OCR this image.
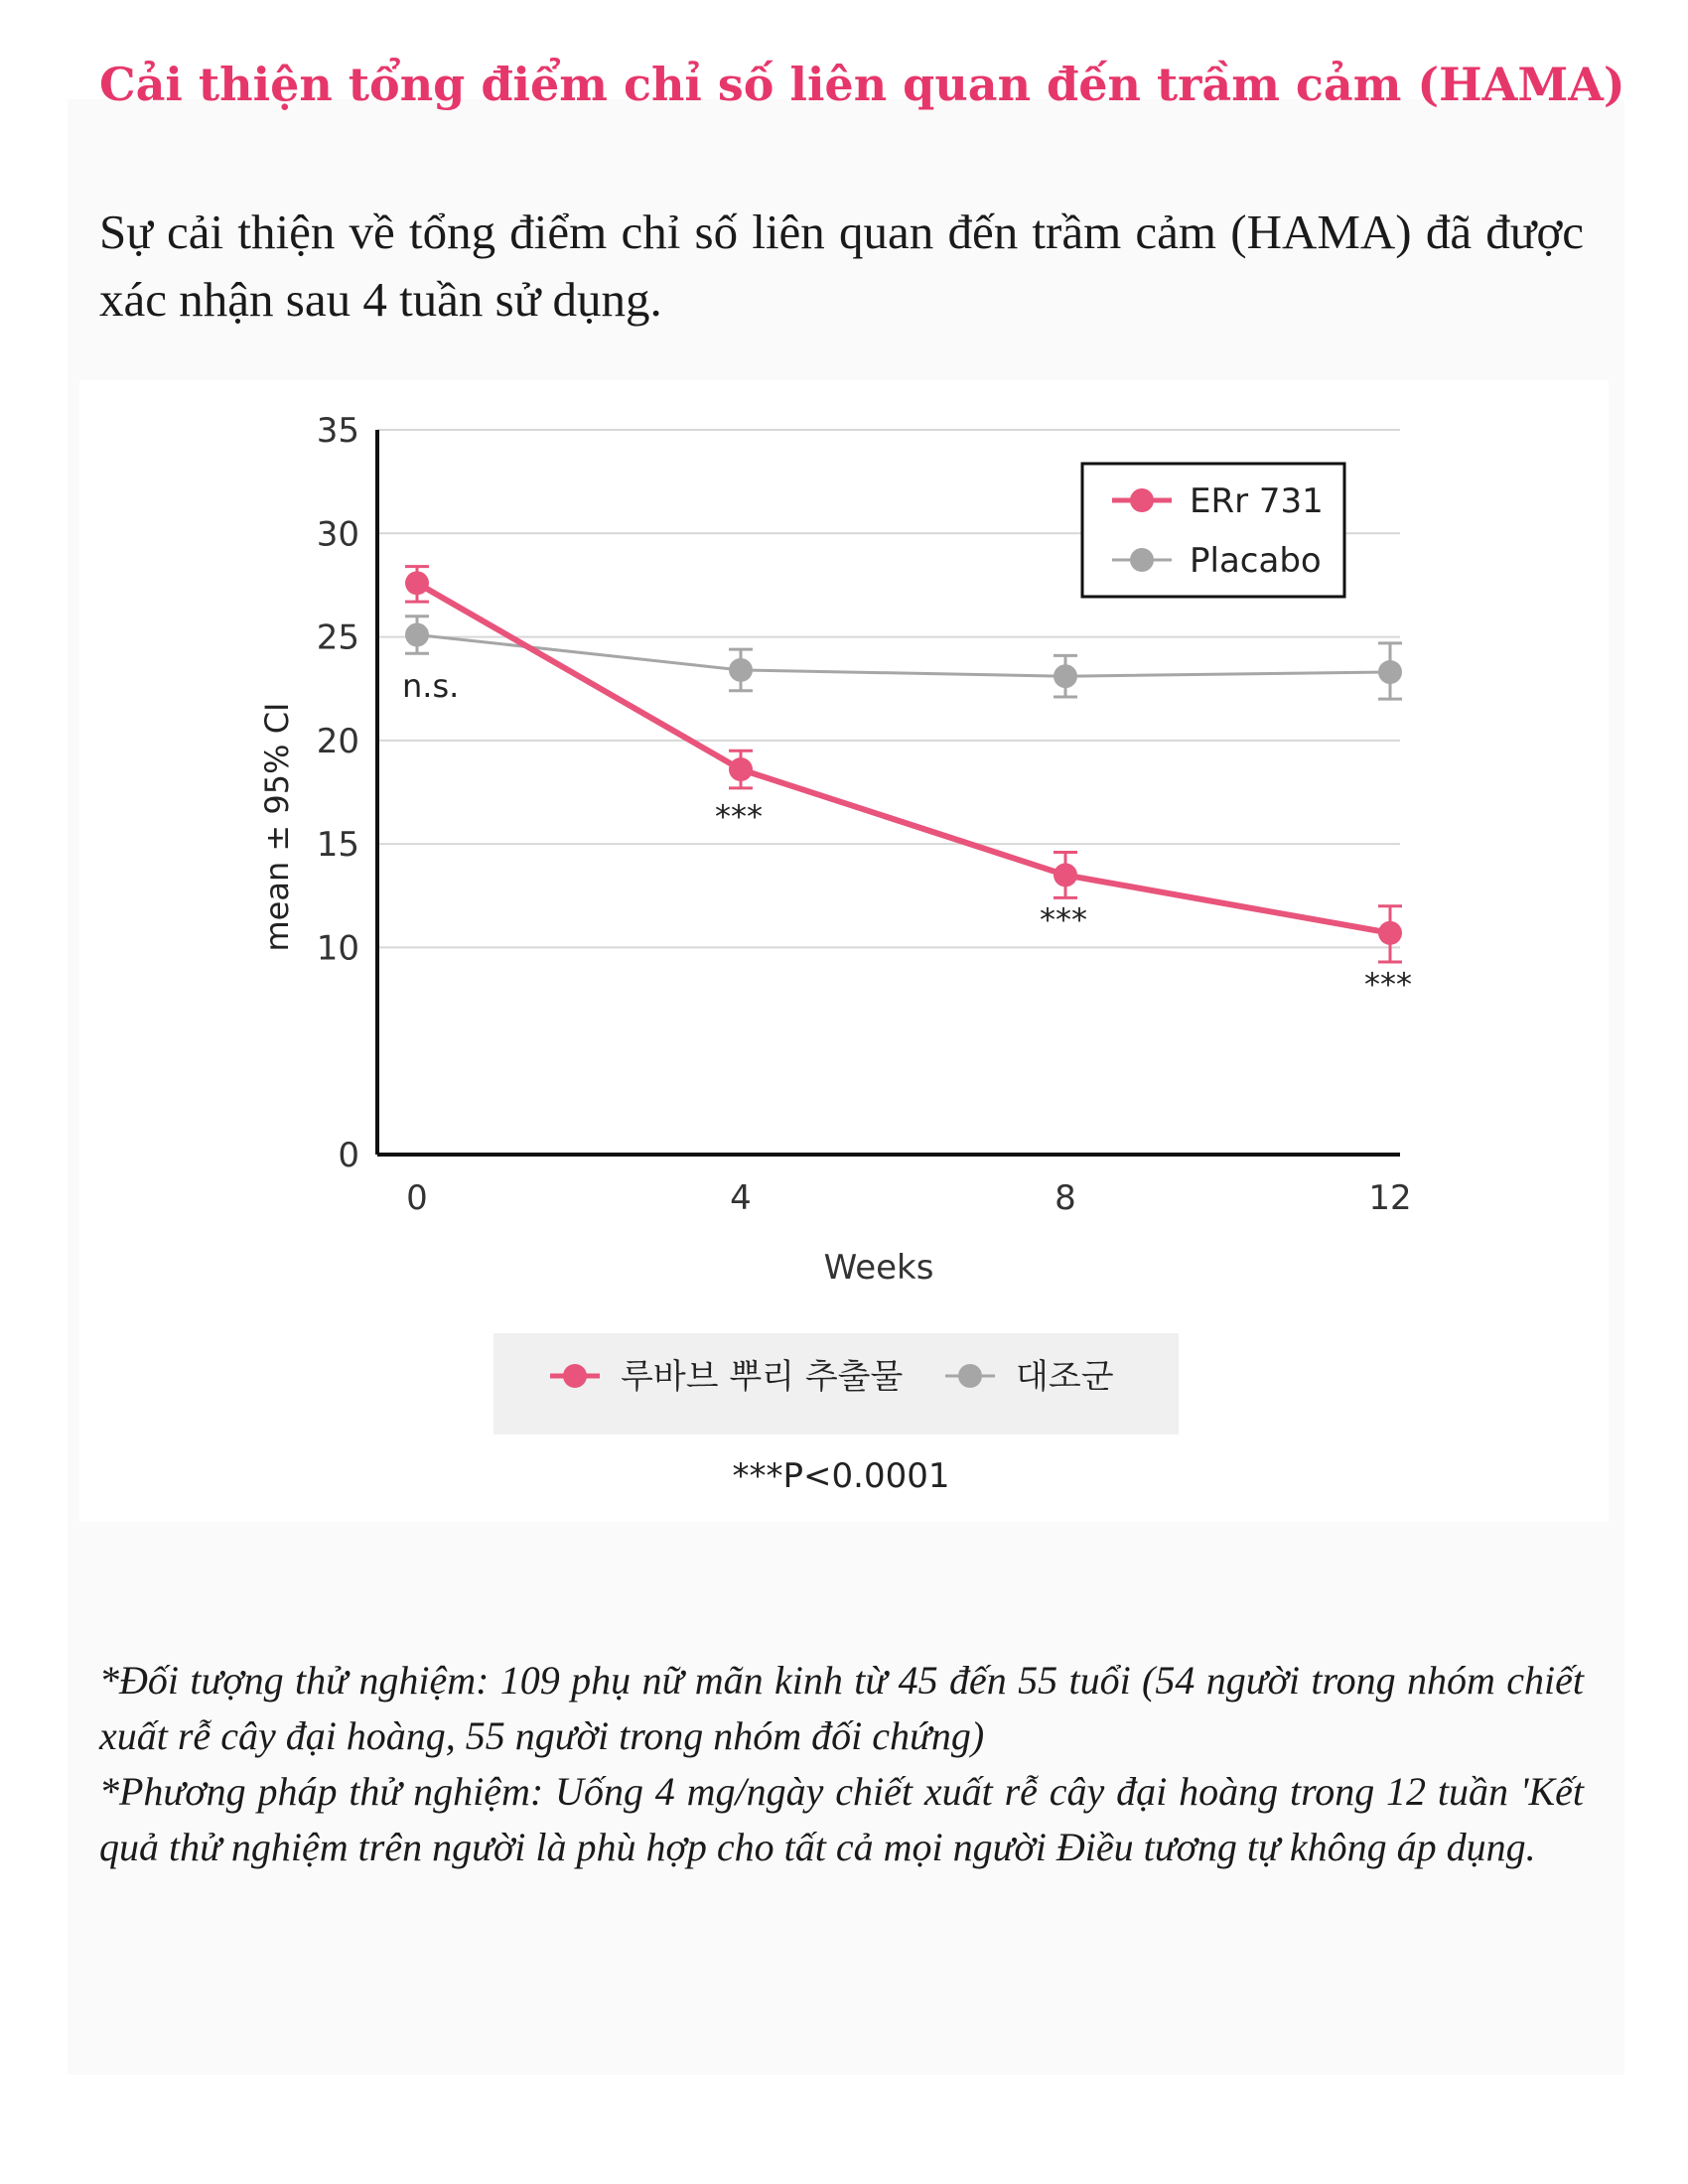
Cải thiện tổng điểm chỉ số liên quan đến trầm cảm (HAMA)
Sự cải thiện về tổng điểm chỉ số liên quan đến trầm cảm (HAMA) đã được xác nhận sau 4 tuần sử dụng.
0
10
15
20
25
30
35
0	4	8	12
Weeks
mean ± 95% CI
n.s.
***
***
***
ERr 731
Placabo
루바브 뿌리 추출물	대조군
***P<0.0001

*Đối tượng thử nghiệm: 109 phụ nữ mãn kinh từ 45 đến 55 tuổi (54 người trong nhóm chiết xuất rễ cây đại hoàng, 55 người trong nhóm đối chứng)

*Phương pháp thử nghiệm: Uống 4 mg/ngày chiết xuất rễ cây đại hoàng trong 12 tuần 'Kết quả thử nghiệm trên người là phù hợp cho tất cả mọi người Điều tương tự không áp dụng.
